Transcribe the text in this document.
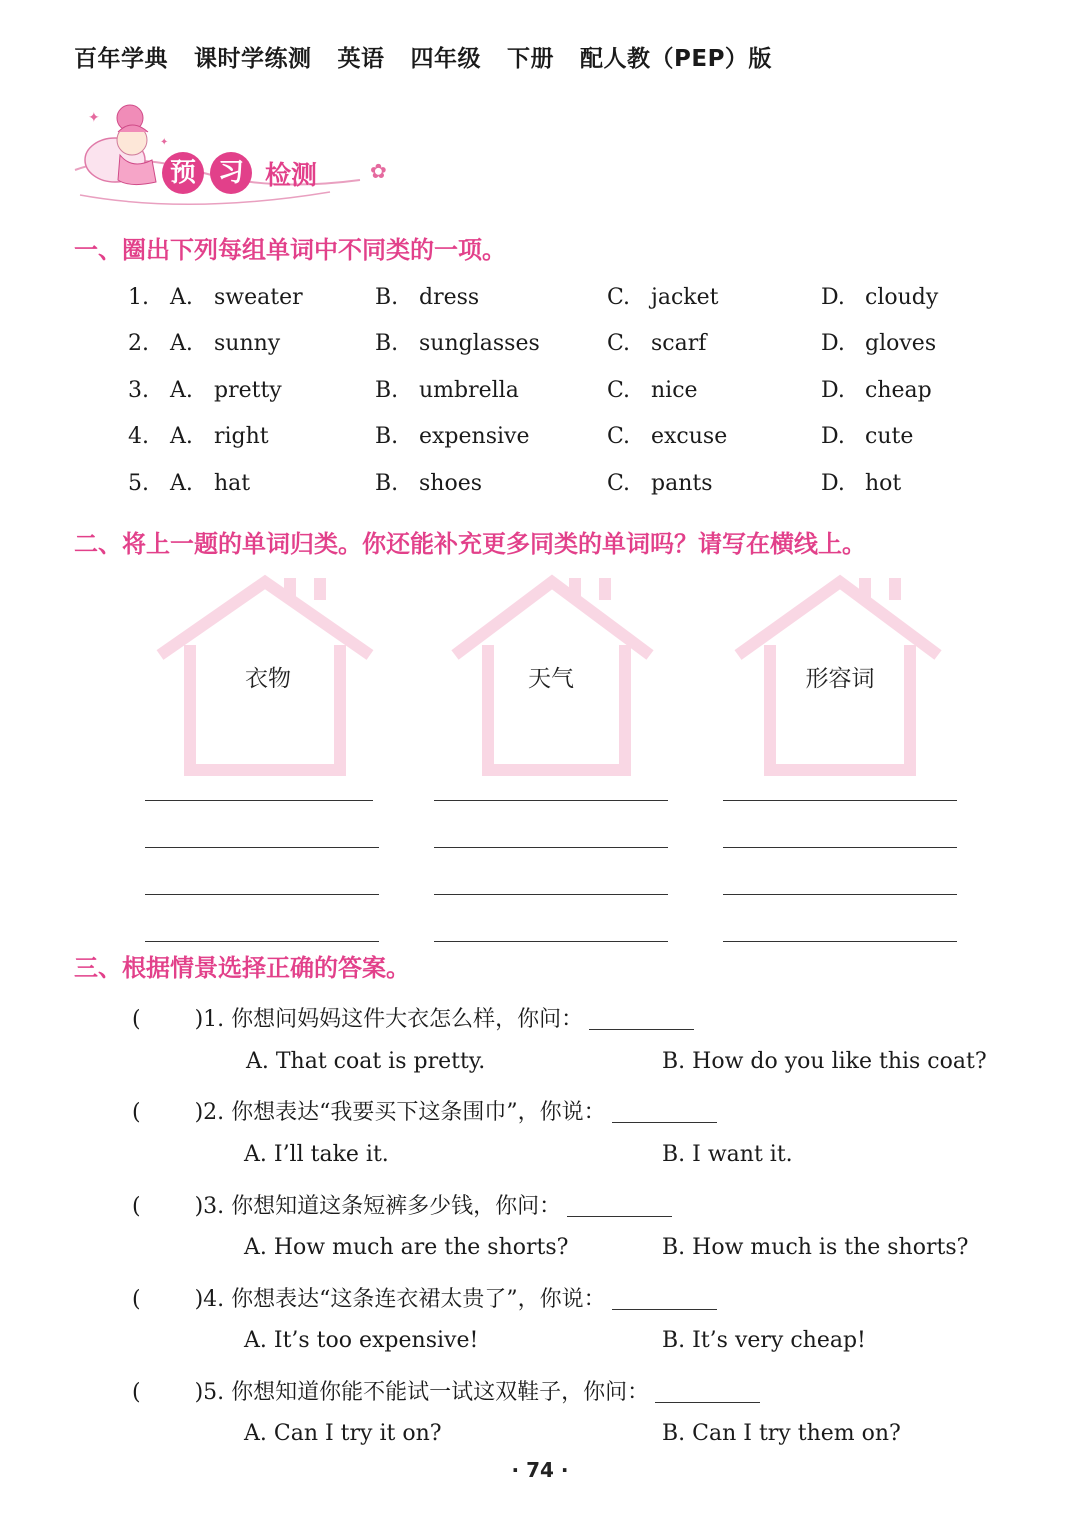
百年学典 课时学练测 英语 四年级 下册 配人教（PEP）版
✦
✦
✿
预 习 检测
一、圈出下列每组单词中不同类的一项。
1. A. sweater	B. dress	C. jacket	D. cloudy
2. A. sunny	B. sunglasses	C. scarf	D. gloves
3. A. pretty	B. umbrella	C. nice	D. cheap
4. A. right	B. expensive	C. excuse	D. cute
5. A. hat	B. shoes	C. pants	D. hot
二、将上一题的单词归类。你还能补充更多同类的单词吗？请写在横线上。
衣物	天气	形容词
三、根据情景选择正确的答案。
( )1. 你想问妈妈这件大衣怎么样，你问：
A. That coat is pretty.	B. How do you like this coat?
( )2. 你想表达“我要买下这条围巾”，你说：
A. I’ll take it.	B. I want it.
( )3. 你想知道这条短裤多少钱，你问：
A. How much are the shorts?	B. How much is the shorts?
( )4. 你想表达“这条连衣裙太贵了”，你说：
A. It’s too expensive!	B. It’s very cheap!
( )5. 你想知道你能不能试一试这双鞋子，你问：
A. Can I try it on?	B. Can I try them on?
· 74 ·
